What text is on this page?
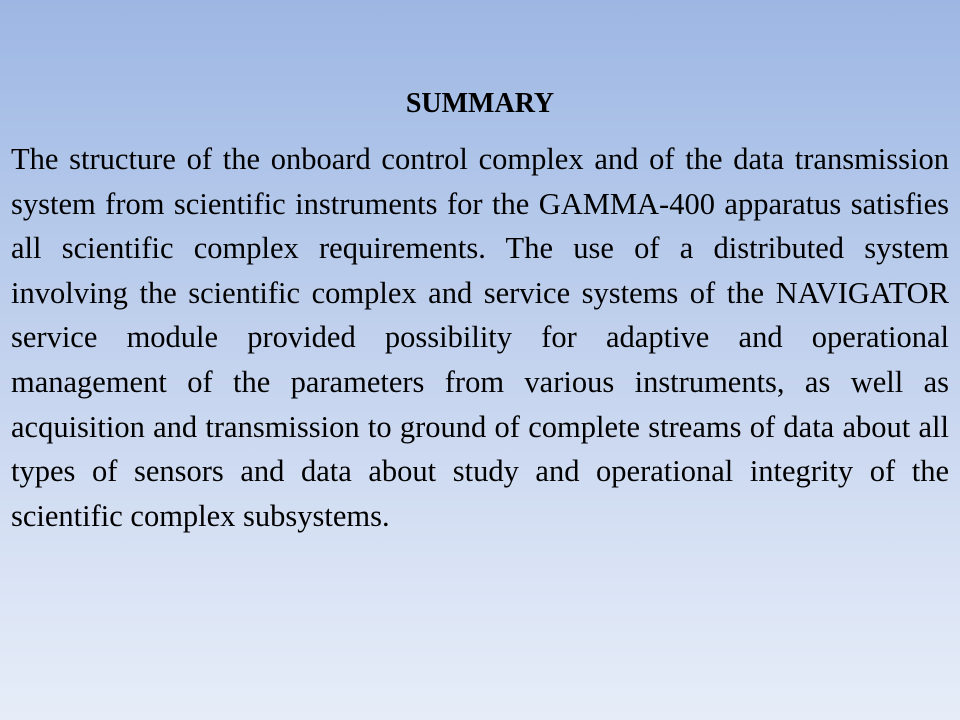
SUMMARY

The structure of the onboard control complex and of the data transmission system from scientific instruments for the GAMMA-400 apparatus satisfies all scientific complex requirements. The use of a distributed system involving the scientific complex and service systems of the NAVIGATOR service module provided possibility for adaptive and operational management of the parameters from various instruments, as well as acquisition and transmission to ground of complete streams of data about all types of sensors and data about study and operational integrity of the scientific complex subsystems.
